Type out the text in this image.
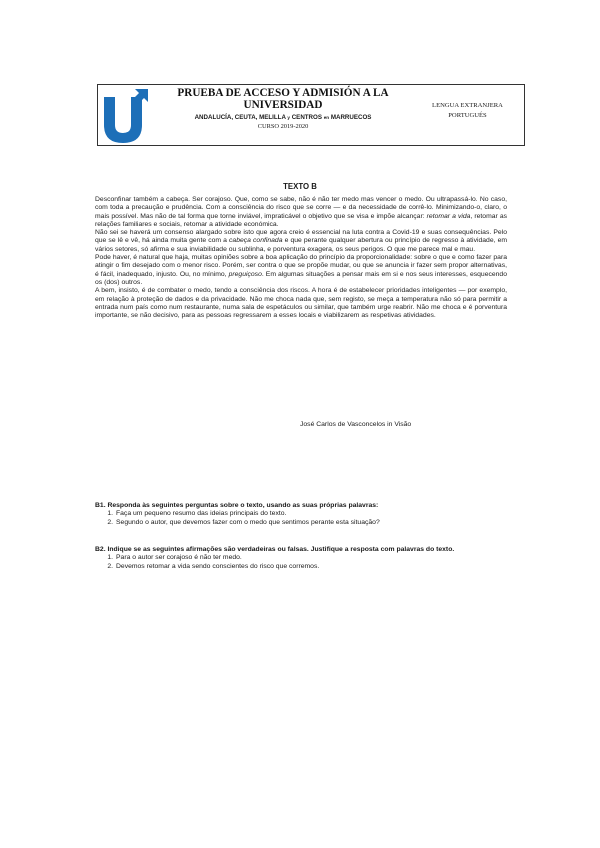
PRUEBA DE ACCESO Y ADMISIÓN A LA
UNIVERSIDAD
ANDALUCÍA, CEUTA, MELILLA y CENTROS en MARRUECOS
CURSO 2019-2020
LENGUA EXTRANJERA
PORTUGUÉS
TEXTO B

Desconfinar também a cabeça. Ser corajoso. Que, como se sabe, não é não ter medo mas vencer o medo. Ou ultrapassá-lo. No caso, com toda a precaução e prudência. Com a consciência do risco que se corre — e da necessidade de corrê-lo. Minimizando-o, claro, o mais possível. Mas não de tal forma que torne inviável, impraticável o objetivo que se visa e impõe alcançar: retomar a vida, retomar as relações familiares e sociais, retomar a atividade económica.

Não sei se haverá um consenso alargado sobre isto que agora creio é essencial na luta contra a Covid-19 e suas consequências. Pelo que se lê e vê, há ainda muita gente com a cabeça confinada e que perante qualquer abertura ou princípio de regresso à atividade, em vários setores, só afirma e sua inviabilidade ou sublinha, e porventura exagera, os seus perigos. O que me parece mal e mau.

Pode haver, é natural que haja, muitas opiniões sobre a boa aplicação do princípio da proporcionalidade: sobre o que e como fazer para atingir o fim desejado com o menor risco. Porém, ser contra o que se propõe mudar, ou que se anuncia ir fazer sem propor alternativas, é fácil, inadequado, injusto. Ou, no mínimo, preguiçoso. Em algumas situações a pensar mais em si e nos seus interesses, esquecendo os (dos) outros.

A bem, insisto, é de combater o medo, tendo a consciência dos riscos. A hora é de estabelecer prioridades inteligentes — por exemplo, em relação à proteção de dados e da privacidade. Não me choca nada que, sem registo, se meça a temperatura não só para permitir a entrada num país como num restaurante, numa sala de espetáculos ou similar, que também urge reabrir. Não me choca e é porventura importante, se não decisivo, para as pessoas regressarem a esses locais e viabilizarem as respetivas atividades.

José Carlos de Vasconcelos in Visão
B1. Responda às seguintes perguntas sobre o texto, usando as suas próprias palavras:
1. Faça um pequeno resumo das ideias principais do texto.
2. Segundo o autor, que devemos fazer com o medo que sentimos perante esta situação?
B2. Indique se as seguintes afirmações são verdadeiras ou falsas. Justifique a resposta com palavras do texto.
1. Para o autor ser corajoso é não ter medo.
2. Devemos retomar a vida sendo conscientes do risco que corremos.
